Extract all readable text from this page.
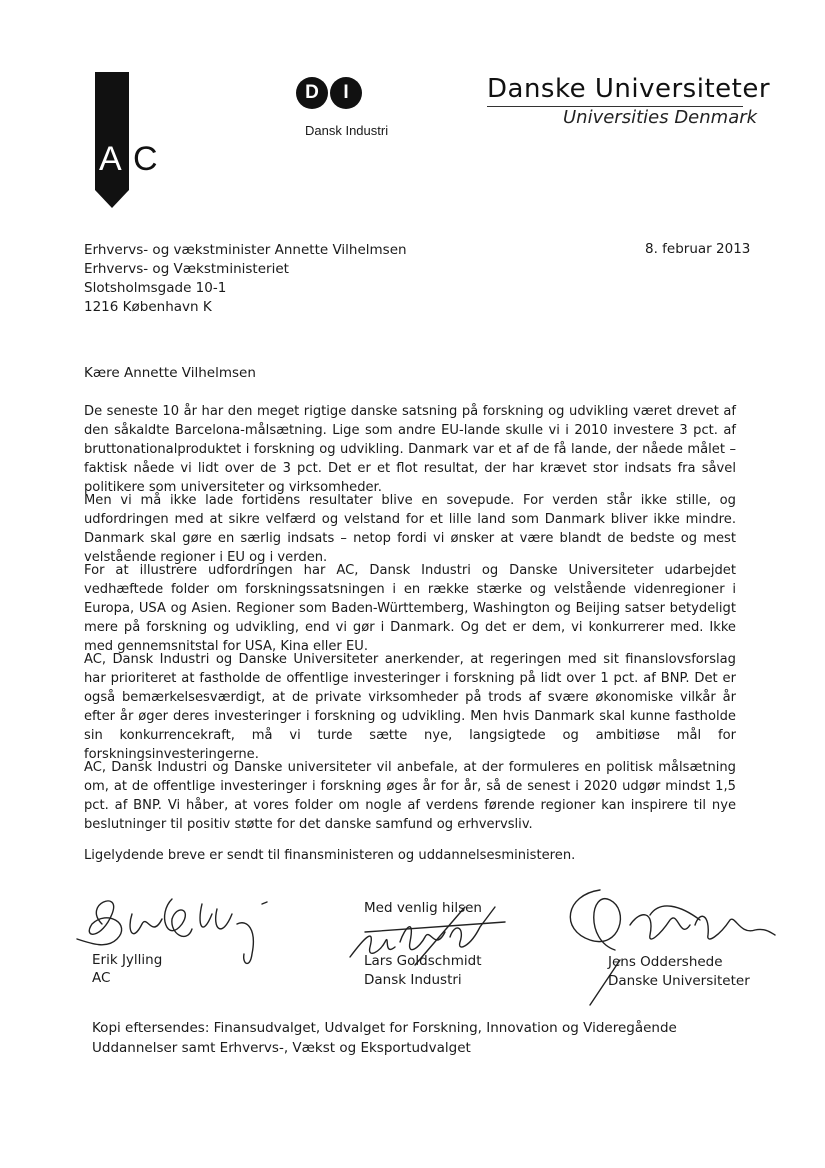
A C
D	I
Dansk Industri
Danske Universiteter
Universities Denmark
Erhvervs- og vækstminister Annette Vilhelmsen
Erhvervs- og Vækstministeriet
Slotsholmsgade 10-1
1216 København K
8. februar 2013
Kære Annette Vilhelmsen

De seneste 10 år har den meget rigtige danske satsning på forskning og udvikling været drevet af den såkaldte Barcelona-målsætning. Lige som andre EU-lande skulle vi i 2010 investere 3 pct. af bruttonationalproduktet i forskning og udvikling. Danmark var et af de få lande, der nåede målet – faktisk nåede vi lidt over de 3 pct. Det er et flot resultat, der har krævet stor indsats fra såvel politikere som universiteter og virksomheder.

Men vi må ikke lade fortidens resultater blive en sovepude. For verden står ikke stille, og udfordringen med at sikre velfærd og velstand for et lille land som Danmark bliver ikke mindre. Danmark skal gøre en særlig indsats – netop fordi vi ønsker at være blandt de bedste og mest velstående regioner i EU og i verden.

For at illustrere udfordringen har AC, Dansk Industri og Danske Universiteter udarbejdet vedhæftede folder om forskningssatsningen i en række stærke og velstående videnregioner i Europa, USA og Asien. Regioner som Baden-Württemberg, Washington og Beijing satser betydeligt mere på forskning og udvikling, end vi gør i Danmark. Og det er dem, vi konkurrerer med. Ikke med gennemsnitstal for USA, Kina eller EU.

AC, Dansk Industri og Danske Universiteter anerkender, at regeringen med sit finanslovsforslag har prioriteret at fastholde de offentlige investeringer i forskning på lidt over 1 pct. af BNP. Det er også bemærkelsesværdigt, at de private virksomheder på trods af svære økonomiske vilkår år efter år øger deres investeringer i forskning og udvikling. Men hvis Danmark skal kunne fastholde sin konkurrencekraft, må vi turde sætte nye, langsigtede og ambitiøse mål for forskningsinvesteringerne.

AC, Dansk Industri og Danske universiteter vil anbefale, at der formuleres en politisk målsætning om, at de offentlige investeringer i forskning øges år for år, så de senest i 2020 udgør mindst 1,5 pct. af BNP. Vi håber, at vores folder om nogle af verdens førende regioner kan inspirere til nye beslutninger til positiv støtte for det danske samfund og erhvervsliv.

Ligelydende breve er sendt til finansministeren og uddannelsesministeren.

Erik Jylling
AC
Med venlig hilsen
Lars Goldschmidt
Dansk Industri
Jens Oddershede
Danske Universiteter
Kopi eftersendes: Finansudvalget, Udvalget for Forskning, Innovation og Videregående Uddannelser samt Erhvervs-, Vækst og Eksportudvalget
